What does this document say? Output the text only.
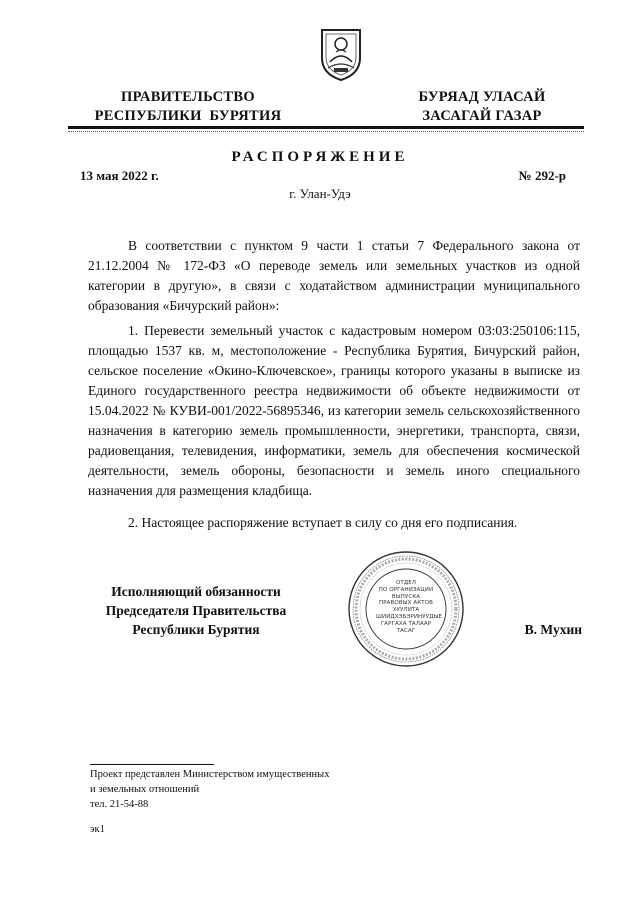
ПРАВИТЕЛЬСТВО
РЕСПУБЛИКИ  БУРЯТИЯ
БУРЯАД УЛАСАЙ
ЗАСАГАЙ ГАЗАР
РАСПОРЯЖЕНИЕ
13 мая 2022 г.	№ 292-р
г. Улан-Удэ

В соответствии с пунктом 9 части 1 статьи 7 Федерального закона от 21.12.2004 № 172-ФЗ «О переводе земель или земельных участков из одной категории в другую», в связи с ходатайством администрации муниципального образования «Бичурский район»:

1. Перевести земельный участок с кадастровым номером 03:03:250106:115, площадью 1537 кв. м, местоположение - Республика Бурятия, Бичурский район, сельское поселение «Окино-Ключевское», границы которого указаны в выписке из Единого государственного реестра недвижимости об объекте недвижимости от 15.04.2022 № КУВИ-001/2022-56895346, из категории земель сельскохозяйственного назначения в категорию земель промышленности, энергетики, транспорта, связи, радиовещания, телевидения, информатики, земель для обеспечения космической деятельности, земель обороны, безопасности и земель иного специального назначения для размещения кладбища.

2. Настоящее распоряжение вступает в силу со дня его подписания.

Исполняющий обязанности
Председателя Правительства
Республики Бурятия
ОТДЕЛ
ПО ОРГАНИЗАЦИИ
ВЫПУСКА
ПРАВОВЫХ АКТОВ
ХУУЛИТА
ШИИДХЭБЭРИНУУДЫЕ
ГАРГАХА ТАЛААР
ТАСАГ	В. Мухин
Проект представлен Министерством имущественных
и земельных отношений
тел. 21-54-88
эк1
